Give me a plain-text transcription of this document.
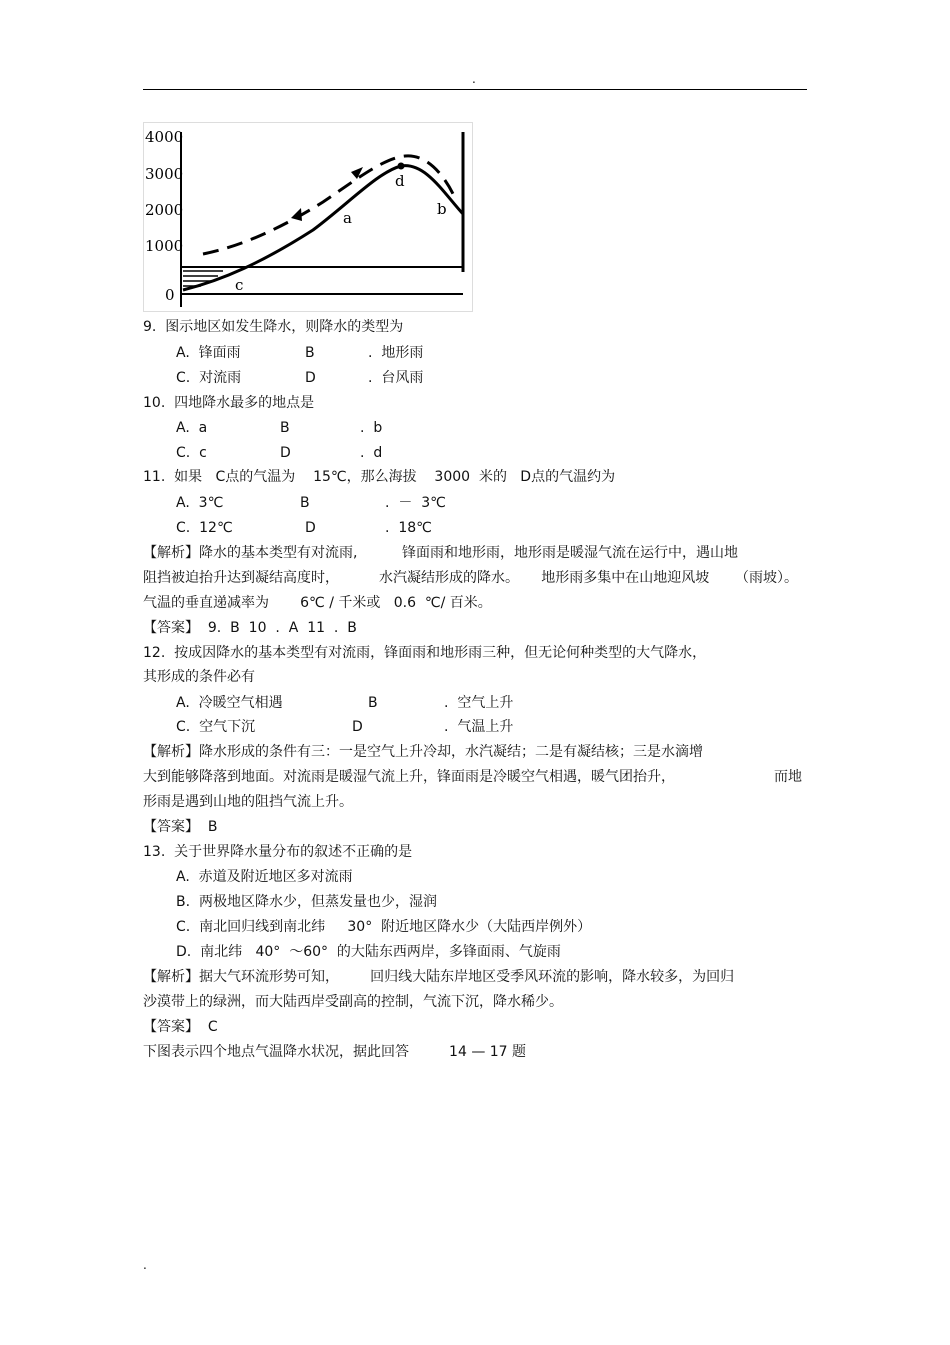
.
4000
3000
2000
1000
0
d
a	b
c
9.  图示地区如发生降水，则降水的类型为
A.  锋面雨	B	.  地形雨
C.  对流雨	D	.  台风雨
10.  四地降水最多的地点是
A.  a	B	.  b
C.  c	D	.  d
11.  如果   C点的气温为    15℃，那么海拔    3000  米的   D点的气温约为
A.  3℃	B	.  －  3℃
C.  12℃	D	.  18℃
【解析】降水的基本类型有对流雨,          锋面雨和地形雨，地形雨是暖湿气流在运行中，遇山地
阻挡被迫抬升达到凝结高度时，         水汽凝结形成的降水。     地形雨多集中在山地迎风坡 （雨坡）。
气温的垂直递减率为       6℃ / 千米或   0.6  ℃/ 百米。
【答案】  9.  B  10  .  A  11  .  B
12.  按成因降水的基本类型有对流雨，锋面雨和地形雨三种，但无论何种类型的大气降水，
其形成的条件必有
A.  冷暖空气相遇	B	.  空气上升
C.  空气下沉	D	.  气温上升
【解析】降水形成的条件有三：一是空气上升冷却，水汽凝结；二是有凝结核；三是水滴增
大到能够降落到地面。对流雨是暖湿气流上升，锋面雨是冷暖空气相遇，暖气团抬升，	而地
形雨是遇到山地的阻挡气流上升。
【答案】  B
13.  关于世界降水量分布的叙述不正确的是
A.  赤道及附近地区多对流雨
B.  两极地区降水少，但蒸发量也少，湿润
C.  南北回归线到南北纬     30°  附近地区降水少（大陆西岸例外）
D.  南北纬   40°  ～60°  的大陆东西两岸，多锋面雨、气旋雨
【解析】据大气环流形势可知，       回归线大陆东岸地区受季风环流的影响，降水较多，为回归
沙漠带上的绿洲，而大陆西岸受副高的控制，气流下沉，降水稀少。
【答案】  C
下图表示四个地点气温降水状况，据此回答         14 — 17 题
.
